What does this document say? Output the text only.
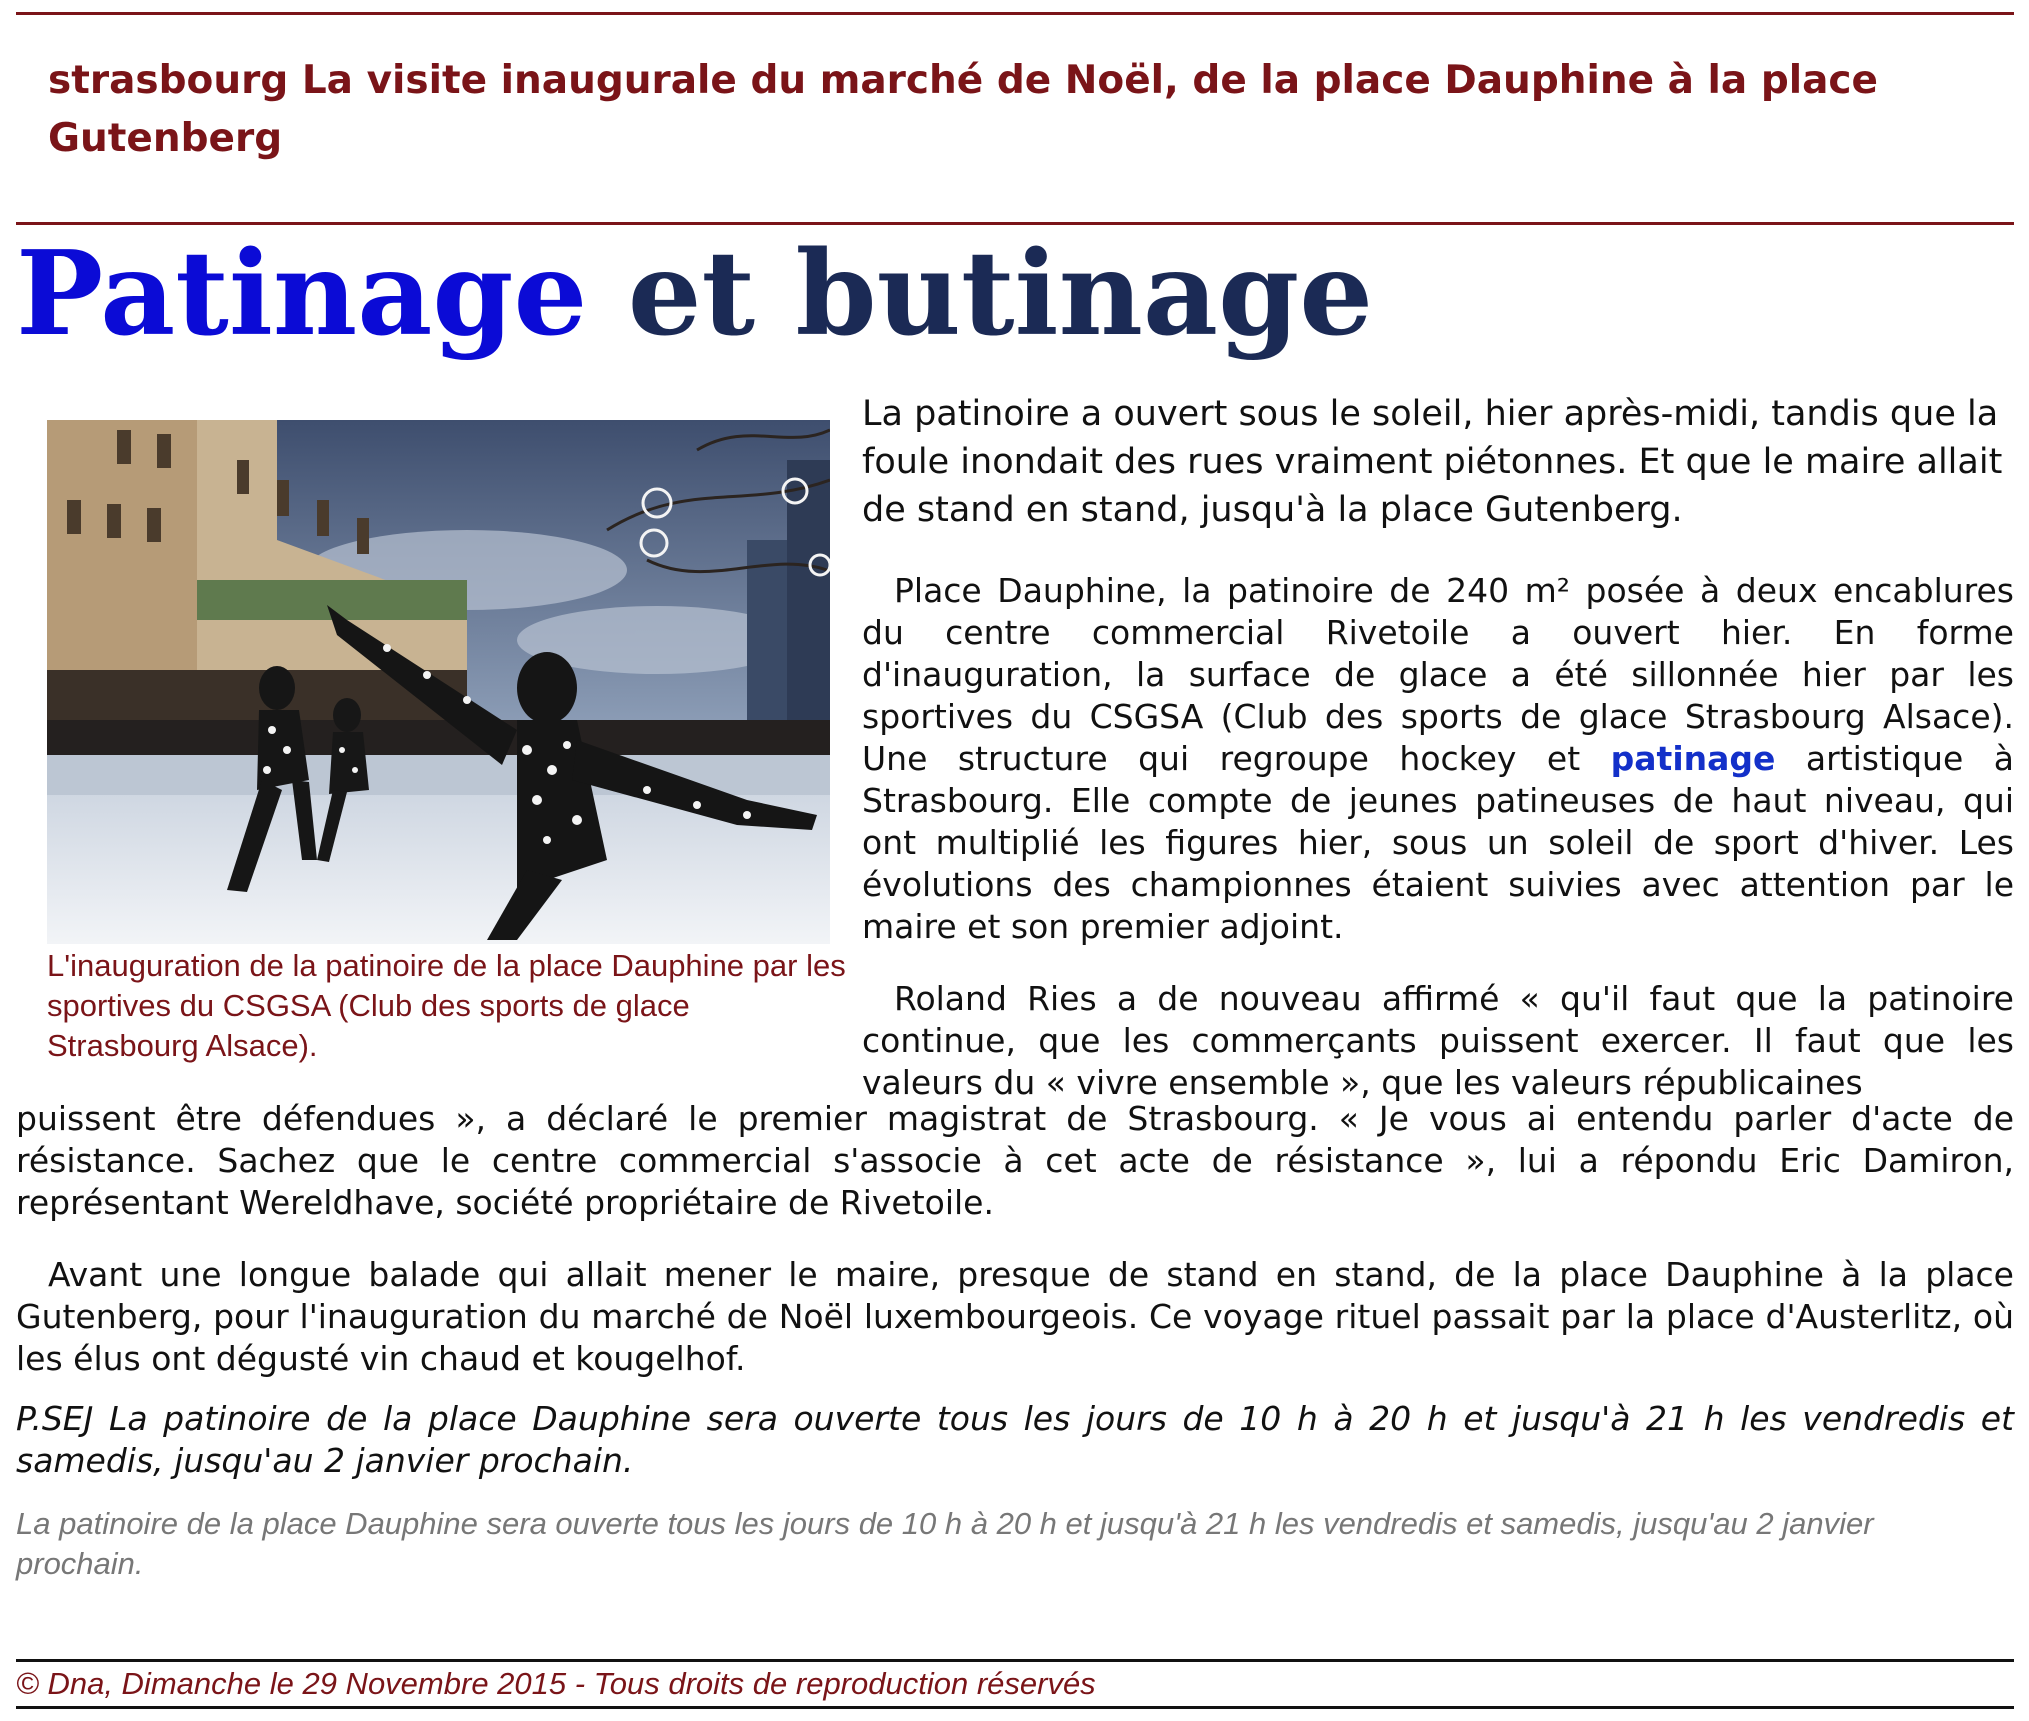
strasbourg La visite inaugurale du marché de Noël, de la place Dauphine à la place Gutenberg

Patinage et butinage

L'inauguration de la patinoire de la place Dauphine par les sportives du CSGSA (Club des sports de glace Strasbourg Alsace).

La patinoire a ouvert sous le soleil, hier après-midi, tandis que la foule inondait des rues vraiment piétonnes. Et que le maire allait de stand en stand, jusqu'à la place Gutenberg.

Place Dauphine, la patinoire de 240 m² posée à deux encablures du centre commercial Rivetoile a ouvert hier. En forme d'inauguration, la surface de glace a été sillonnée hier par les sportives du CSGSA (Club des sports de glace Strasbourg Alsace). Une structure qui regroupe hockey et patinage artistique à Strasbourg. Elle compte de jeunes patineuses de haut niveau, qui ont multiplié les figures hier, sous un soleil de sport d'hiver. Les évolutions des championnes étaient suivies avec attention par le maire et son premier adjoint.

Roland Ries a de nouveau affirmé « qu'il faut que la patinoire continue, que les commerçants puissent exercer. Il faut que les valeurs du « vivre ensemble », que les valeurs républicaines

puissent être défendues », a déclaré le premier magistrat de Strasbourg. « Je vous ai entendu parler d'acte de résistance. Sachez que le centre commercial s'associe à cet acte de résistance », lui a répondu Eric Damiron, représentant Wereldhave, société propriétaire de Rivetoile.

Avant une longue balade qui allait mener le maire, presque de stand en stand, de la place Dauphine à la place Gutenberg, pour l'inauguration du marché de Noël luxembourgeois. Ce voyage rituel passait par la place d'Austerlitz, où les élus ont dégusté vin chaud et kougelhof.

P.SEJ La patinoire de la place Dauphine sera ouverte tous les jours de 10 h à 20 h et jusqu'à 21 h les vendredis et samedis, jusqu'au 2 janvier prochain.

La patinoire de la place Dauphine sera ouverte tous les jours de 10 h à 20 h et jusqu'à 21 h les vendredis et samedis, jusqu'au 2 janvier prochain.

© Dna, Dimanche le 29 Novembre 2015 - Tous droits de reproduction réservés
